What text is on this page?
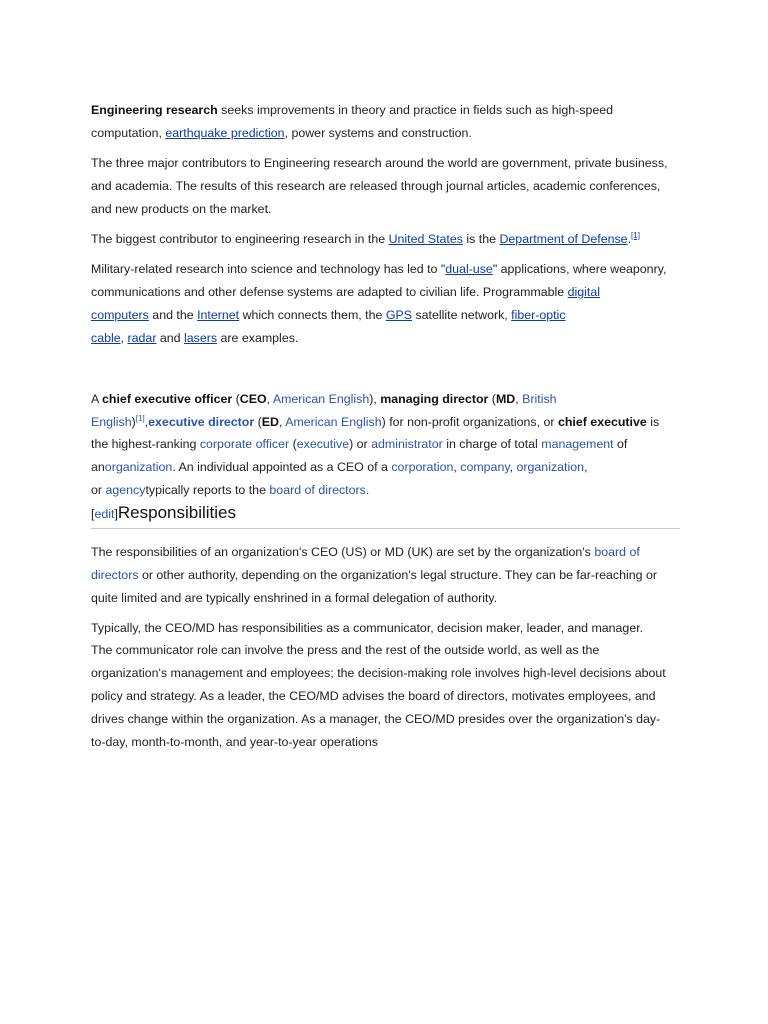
Engineering research seeks improvements in theory and practice in fields such as high-speed

computation, earthquake prediction, power systems and construction.

The three major contributors to Engineering research around the world are government, private business,

and academia. The results of this research are released through journal articles, academic conferences,

and new products on the market.

The biggest contributor to engineering research in the United States is the Department of Defense.[1]

Military-related research into science and technology has led to "dual-use" applications, where weaponry,

communications and other defense systems are adapted to civilian life. Programmable digital

computers and the Internet which connects them, the GPS satellite network, fiber-optic

cable, radar and lasers are examples.

A chief executive officer (CEO, American English), managing director (MD, British

English)[1],executive director (ED, American English) for non-profit organizations, or chief executive is

the highest-ranking corporate officer (executive) or administrator in charge of total management of

anorganization. An individual appointed as a CEO of a corporation, company, organization,

or agencytypically reports to the board of directors.

[edit]Responsibilities

The responsibilities of an organization's CEO (US) or MD (UK) are set by the organization's board of

directors or other authority, depending on the organization's legal structure. They can be far-reaching or

quite limited and are typically enshrined in a formal delegation of authority.

Typically, the CEO/MD has responsibilities as a communicator, decision maker, leader, and manager.

The communicator role can involve the press and the rest of the outside world, as well as the

organization's management and employees; the decision-making role involves high-level decisions about

policy and strategy. As a leader, the CEO/MD advises the board of directors, motivates employees, and

drives change within the organization. As a manager, the CEO/MD presides over the organization's day-

to-day, month-to-month, and year-to-year operations
